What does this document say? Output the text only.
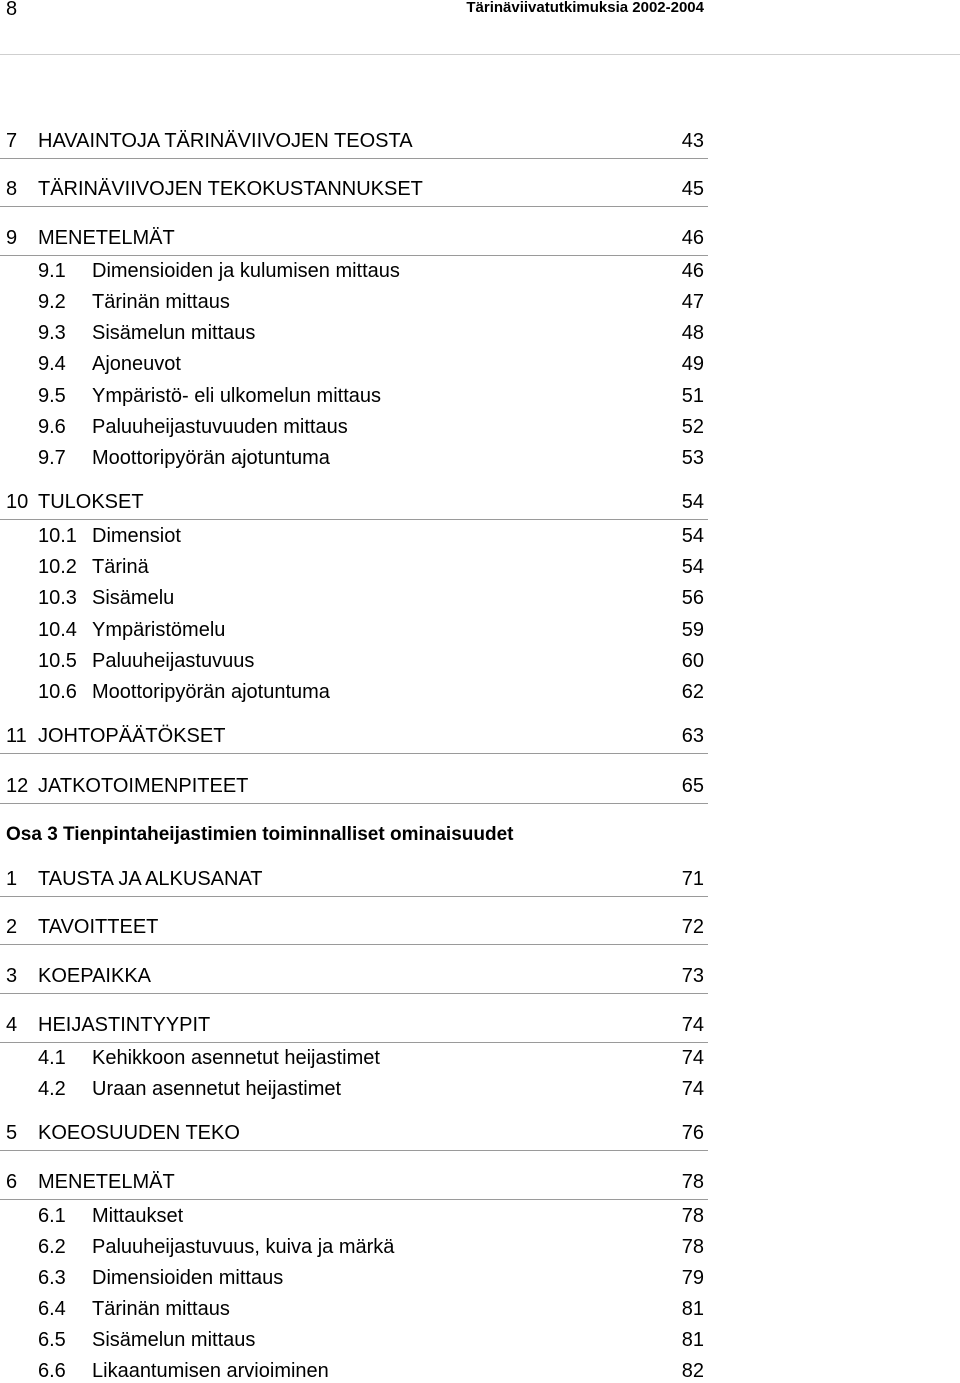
8	Tärinäviivatutkimuksia 2002-2004
7 HAVAINTOJA TÄRINÄVIIVOJEN TEOSTA	43
8 TÄRINÄVIIVOJEN TEKOKUSTANNUKSET	45
9 MENETELMÄT	46
9.1 Dimensioiden ja kulumisen mittaus	46
9.2 Tärinän mittaus	47
9.3 Sisämelun mittaus	48
9.4 Ajoneuvot	49
9.5 Ympäristö- eli ulkomelun mittaus	51
9.6 Paluuheijastuvuuden mittaus	52
9.7 Moottoripyörän ajotuntuma	53
10 TULOKSET	54
10.1 Dimensiot	54
10.2 Tärinä	54
10.3 Sisämelu	56
10.4 Ympäristömelu	59
10.5 Paluuheijastuvuus	60
10.6 Moottoripyörän ajotuntuma	62
11 JOHTOPÄÄTÖKSET	63
12 JATKOTOIMENPITEET	65
Osa 3 Tienpintaheijastimien toiminnalliset ominaisuudet
1 TAUSTA JA ALKUSANAT	71
2 TAVOITTEET	72
3 KOEPAIKKA	73
4 HEIJASTINTYYPIT	74
4.1 Kehikkoon asennetut heijastimet	74
4.2 Uraan asennetut heijastimet	74
5 KOEOSUUDEN TEKO	76
6 MENETELMÄT	78
6.1 Mittaukset	78
6.2 Paluuheijastuvuus, kuiva ja märkä	78
6.3 Dimensioiden mittaus	79
6.4 Tärinän mittaus	81
6.5 Sisämelun mittaus	81
6.6 Likaantumisen arvioiminen	82
